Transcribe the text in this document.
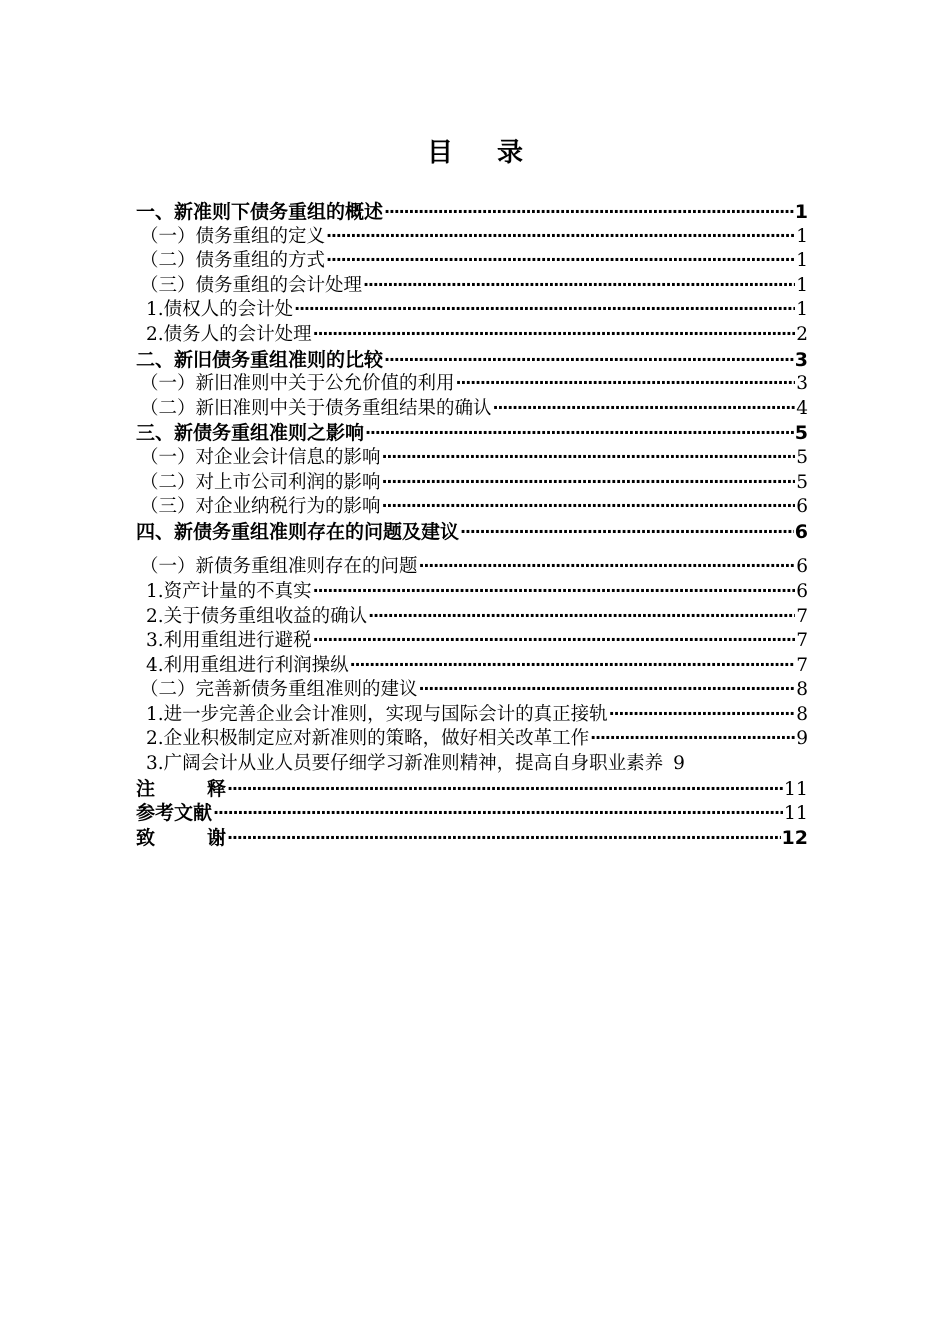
目 录
一、新准则下债务重组的概述 ·····	1
（一）债务重组的定义 ·····	1
（二）债务重组的方式 ·····	1
（三）债务重组的会计处理 ·····	1
1.债权人的会计处 ·····	1
2.债务人的会计处理 ·····	2
二、新旧债务重组准则的比较 ·····	3
（一）新旧准则中关于公允价值的利用 ·····	3
（二）新旧准则中关于债务重组结果的确认 ·····	4
三、新债务重组准则之影响 ·····	5
（一）对企业会计信息的影响 ·····	5
（二）对上市公司利润的影响 ·····	5
（三）对企业纳税行为的影响 ·····	6
四、新债务重组准则存在的问题及建议 ·····	6
（一）新债务重组准则存在的问题 ·····	6
1.资产计量的不真实 ·····	6
2.关于债务重组收益的确认 ·····	7
3.利用重组进行避税 ·····	7
4.利用重组进行利润操纵 ·····	7
（二）完善新债务重组准则的建议 ·····	8
1.进一步完善企业会计准则，实现与国际会计的真正接轨 ·····	8
2.企业积极制定应对新准则的策略，做好相关改革工作 ·····	9
3.广阔会计从业人员要仔细学习新准则精神，提高自身职业素养 9
注	释 ·····	11
参考文献 ·····	11
致	谢 ·····	12
